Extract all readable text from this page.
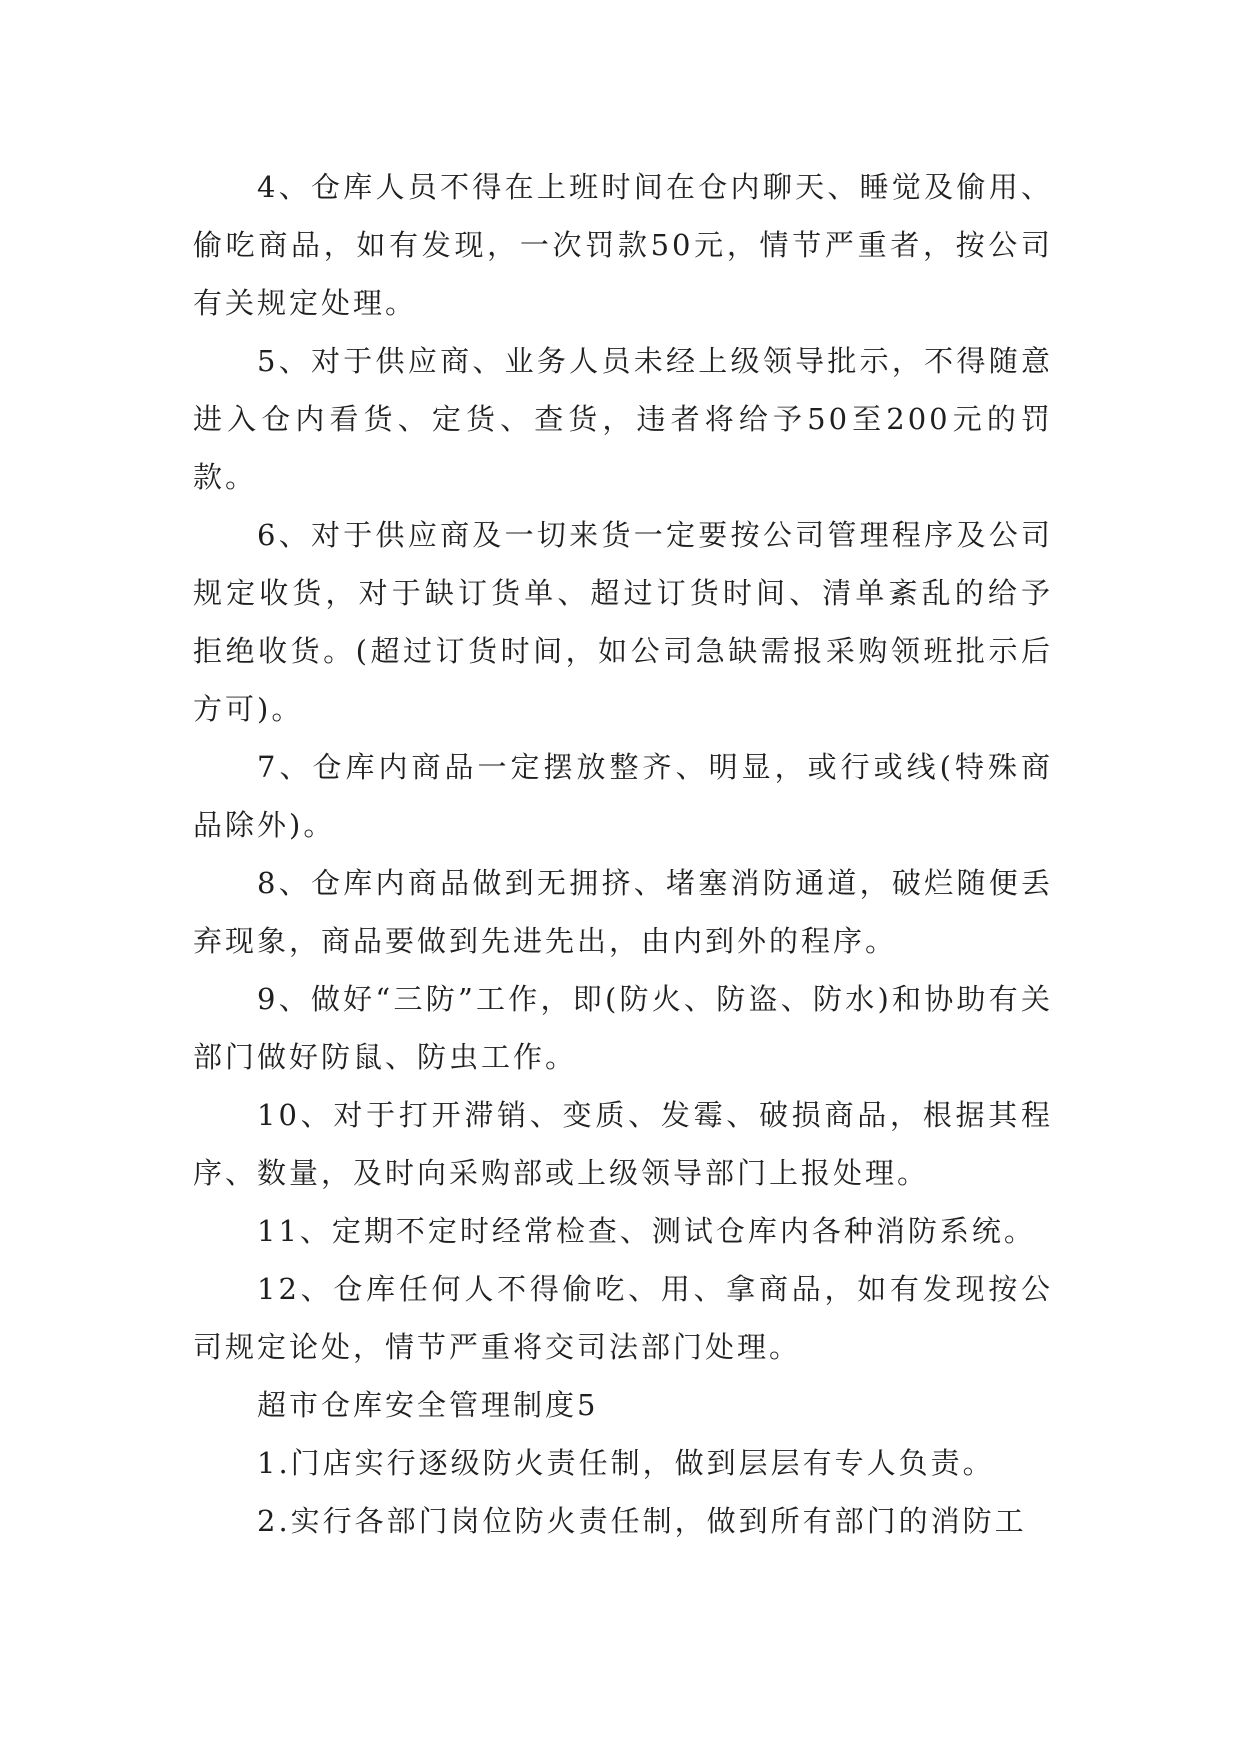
4、仓库人员不得在上班时间在仓内聊天、睡觉及偷用、偷吃商品，如有发现，一次罚款50元，情节严重者，按公司有关规定处理。

5、对于供应商、业务人员未经上级领导批示，不得随意进入仓内看货、定货、查货，违者将给予50至200元的罚款。

6、对于供应商及一切来货一定要按公司管理程序及公司规定收货，对于缺订货单、超过订货时间、清单紊乱的给予拒绝收货。(超过订货时间，如公司急缺需报采购领班批示后方可)。

7、仓库内商品一定摆放整齐、明显，或行或线(特殊商品除外)。

8、仓库内商品做到无拥挤、堵塞消防通道，破烂随便丢弃现象，商品要做到先进先出，由内到外的程序。

9、做好“三防”工作，即(防火、防盗、防水)和协助有关部门做好防鼠、防虫工作。

10、对于打开滞销、变质、发霉、破损商品，根据其程序、数量，及时向采购部或上级领导部门上报处理。

11、定期不定时经常检查、测试仓库内各种消防系统。

12、仓库任何人不得偷吃、用、拿商品，如有发现按公司规定论处，情节严重将交司法部门处理。

超市仓库安全管理制度5

1.门店实行逐级防火责任制，做到层层有专人负责。

2.实行各部门岗位防火责任制，做到所有部门的消防工
